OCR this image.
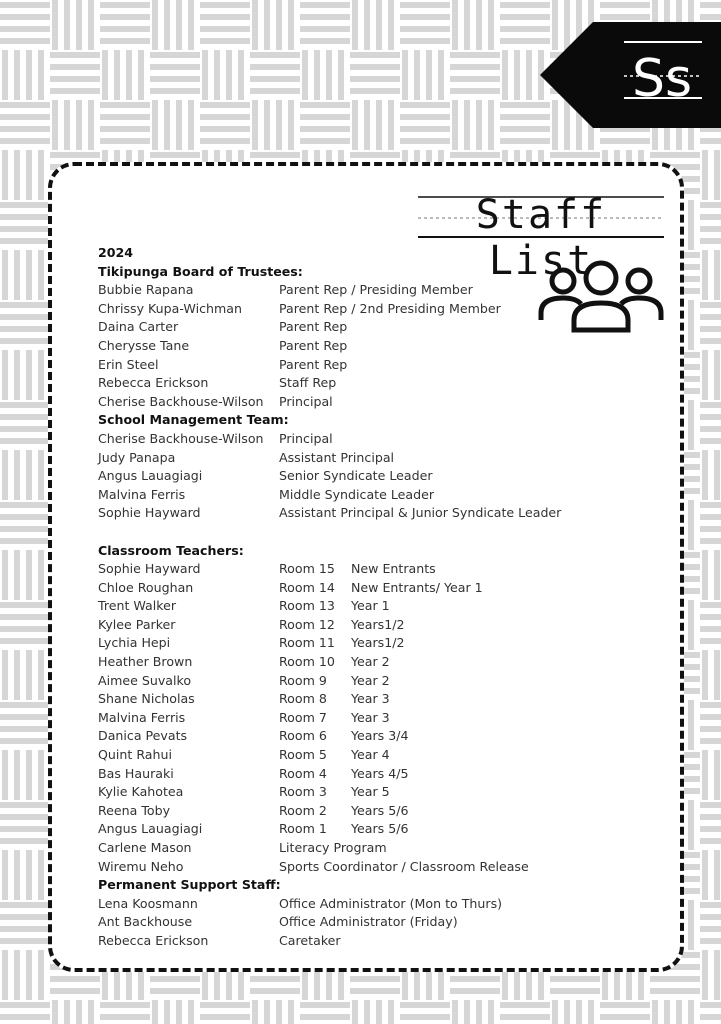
Ss
Staff List
2024
Tikipunga Board of Trustees:
Bubbie Rapana	Parent Rep / Presiding Member
Chrissy Kupa-Wichman	Parent Rep / 2nd Presiding Member
Daina Carter	Parent Rep
Cherysse Tane	Parent Rep
Erin Steel	Parent Rep
Rebecca Erickson	Staff Rep
Cherise Backhouse-Wilson Principal
School Management Team:
Cherise Backhouse-Wilson Principal
Judy Panapa	Assistant Principal
Angus Lauagiagi	Senior Syndicate Leader
Malvina Ferris	Middle Syndicate Leader
Sophie Hayward	Assistant Principal & Junior Syndicate Leader
Classroom Teachers:
Sophie Hayward	Room 15 New Entrants
Chloe Roughan	Room 14 New Entrants/ Year 1
Trent Walker	Room 13 Year 1
Kylee Parker	Room 12 Years1/2
Lychia Hepi	Room 11 Years1/2
Heather Brown	Room 10 Year 2
Aimee Suvalko	Room 9 Year 2
Shane Nicholas	Room 8 Year 3
Malvina Ferris	Room 7 Year 3
Danica Pevats	Room 6 Years 3/4
Quint Rahui	Room 5 Year 4
Bas Hauraki	Room 4 Years 4/5
Kylie Kahotea	Room 3 Year 5
Reena Toby	Room 2 Years 5/6
Angus Lauagiagi	Room 1 Years 5/6
Carlene Mason	Literacy Program
Wiremu Neho	Sports Coordinator / Classroom Release
Permanent Support Staff:
Lena Koosmann	Office Administrator (Mon to Thurs)
Ant Backhouse	Office Administrator (Friday)
Rebecca Erickson	Caretaker
